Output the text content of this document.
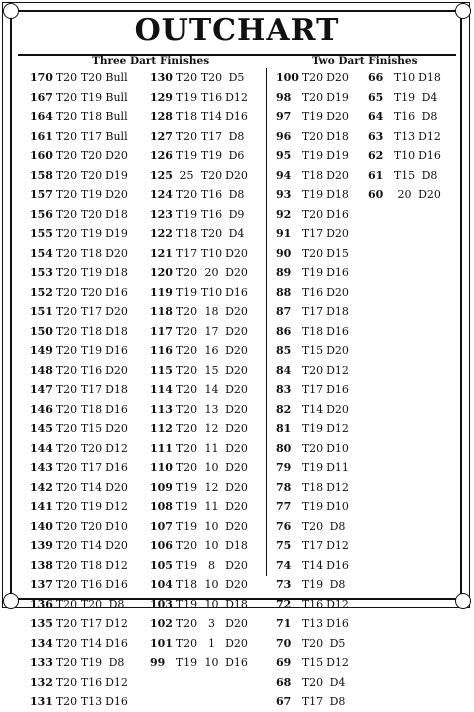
OUTCHART
Three Dart Finishes	Two Dart Finishes
170 T20 T20 Bull
167 T20 T19 Bull
164 T20 T18 Bull
161 T20 T17 Bull
160 T20 T20 D20
158 T20 T20 D19
157 T20 T19 D20
156 T20 T20 D18
155 T20 T19 D19
154 T20 T18 D20
153 T20 T19 D18
152 T20 T20 D16
151 T20 T17 D20
150 T20 T18 D18
149 T20 T19 D16
148 T20 T16 D20
147 T20 T17 D18
146 T20 T18 D16
145 T20 T15 D20
144 T20 T20 D12
143 T20 T17 D16
142 T20 T14 D20
141 T20 T19 D12
140 T20 T20 D10
139 T20 T14 D20
138 T20 T18 D12
137 T20 T16 D16
136 T20 T20 D8
135 T20 T17 D12
134 T20 T14 D16
133 T20 T19 D8
132 T20 T16 D12
131 T20 T13 D16
130 T20 T20 D5
129 T19 T16 D12
128 T18 T14 D16
127 T20 T17 D8
126 T19 T19 D6
125 25 T20 D20
124 T20 T16 D8
123 T19 T16 D9
122 T18 T20 D4
121 T17 T10 D20
120 T20 20 D20
119 T19 T10 D16
118 T20 18 D20
117 T20 17 D20
116 T20 16 D20
115 T20 15 D20
114 T20 14 D20
113 T20 13 D20
112 T20 12 D20
111 T20 11 D20
110 T20 10 D20
109 T19 12 D20
108 T19 11 D20
107 T19 10 D20
106 T20 10 D18
105 T19 8 D20
104 T18 10 D20
103 T19 10 D18
102 T20 3 D20
101 T20 1 D20
99 T19 10 D16
100 T20 D20
98 T20 D19
97 T19 D20
96 T20 D18
95 T19 D19
94 T18 D20
93 T19 D18
92 T20 D16
91 T17 D20
90 T20 D15
89 T19 D16
88 T16 D20
87 T17 D18
86 T18 D16
85 T15 D20
84 T20 D12
83 T17 D16
82 T14 D20
81 T19 D12
80 T20 D10
79 T19 D11
78 T18 D12
77 T19 D10
76 T20 D8
75 T17 D12
74 T14 D16
73 T19 D8
72 T16 D12
71 T13 D16
70 T20 D5
69 T15 D12
68 T20 D4
67 T17 D8
66 T10 D18
65 T19 D4
64 T16 D8
63 T13 D12
62 T10 D16
61 T15 D8
60	20 D20
